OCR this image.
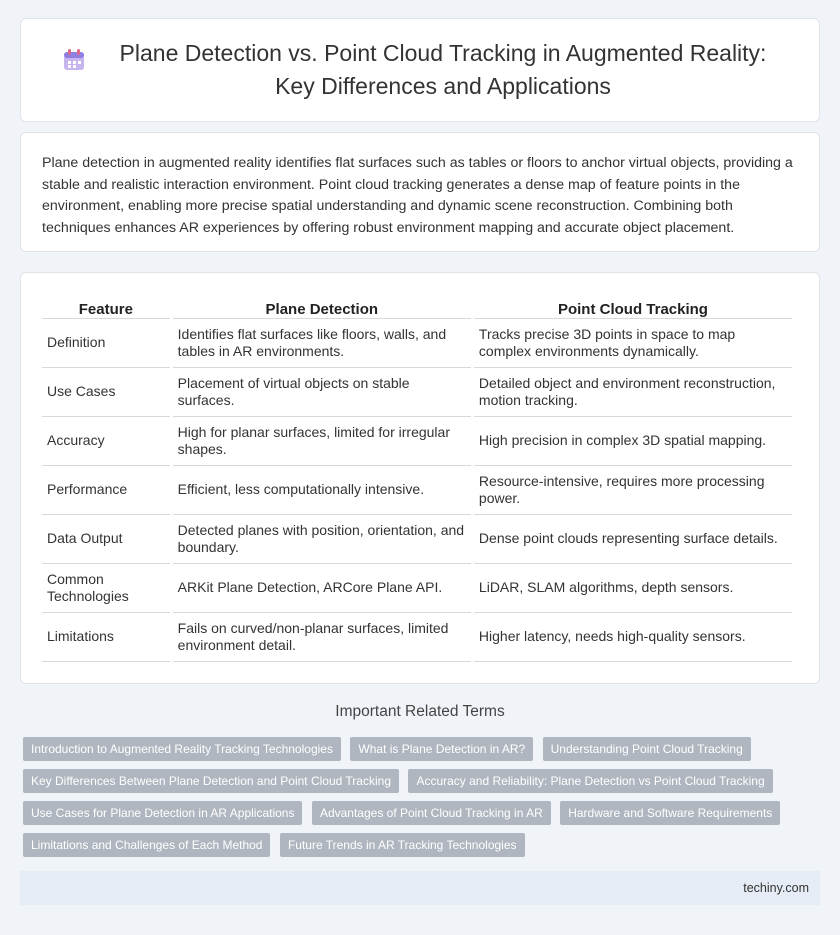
Plane Detection vs. Point Cloud Tracking in Augmented Reality: Key Differences and Applications

Plane detection in augmented reality identifies flat surfaces such as tables or floors to anchor virtual objects, providing a stable and realistic interaction environment. Point cloud tracking generates a dense map of feature points in the environment, enabling more precise spatial understanding and dynamic scene reconstruction. Combining both techniques enhances AR experiences by offering robust environment mapping and accurate object placement.

Feature	Plane Detection	Point Cloud Tracking
Definition	Identifies flat surfaces like floors, walls, and tables in AR environments.	Tracks precise 3D points in space to map complex environments dynamically.
Use Cases	Placement of virtual objects on stable surfaces.	Detailed object and environment reconstruction, motion tracking.
Accuracy	High for planar surfaces, limited for irregular shapes.	High precision in complex 3D spatial mapping.
Performance	Efficient, less computationally intensive.	Resource-intensive, requires more processing power.
Data Output	Detected planes with position, orientation, and boundary.	Dense point clouds representing surface details.
Common Technologies	ARKit Plane Detection, ARCore Plane API.	LiDAR, SLAM algorithms, depth sensors.
Limitations	Fails on curved/non-planar surfaces, limited environment detail.	Higher latency, needs high-quality sensors.
Important Related Terms
Introduction to Augmented Reality Tracking Technologies What is Plane Detection in AR? Understanding Point Cloud Tracking Key Differences Between Plane Detection and Point Cloud Tracking Accuracy and Reliability: Plane Detection vs Point Cloud Tracking Use Cases for Plane Detection in AR Applications Advantages of Point Cloud Tracking in AR Hardware and Software Requirements Limitations and Challenges of Each Method Future Trends in AR Tracking Technologies
techiny.com
